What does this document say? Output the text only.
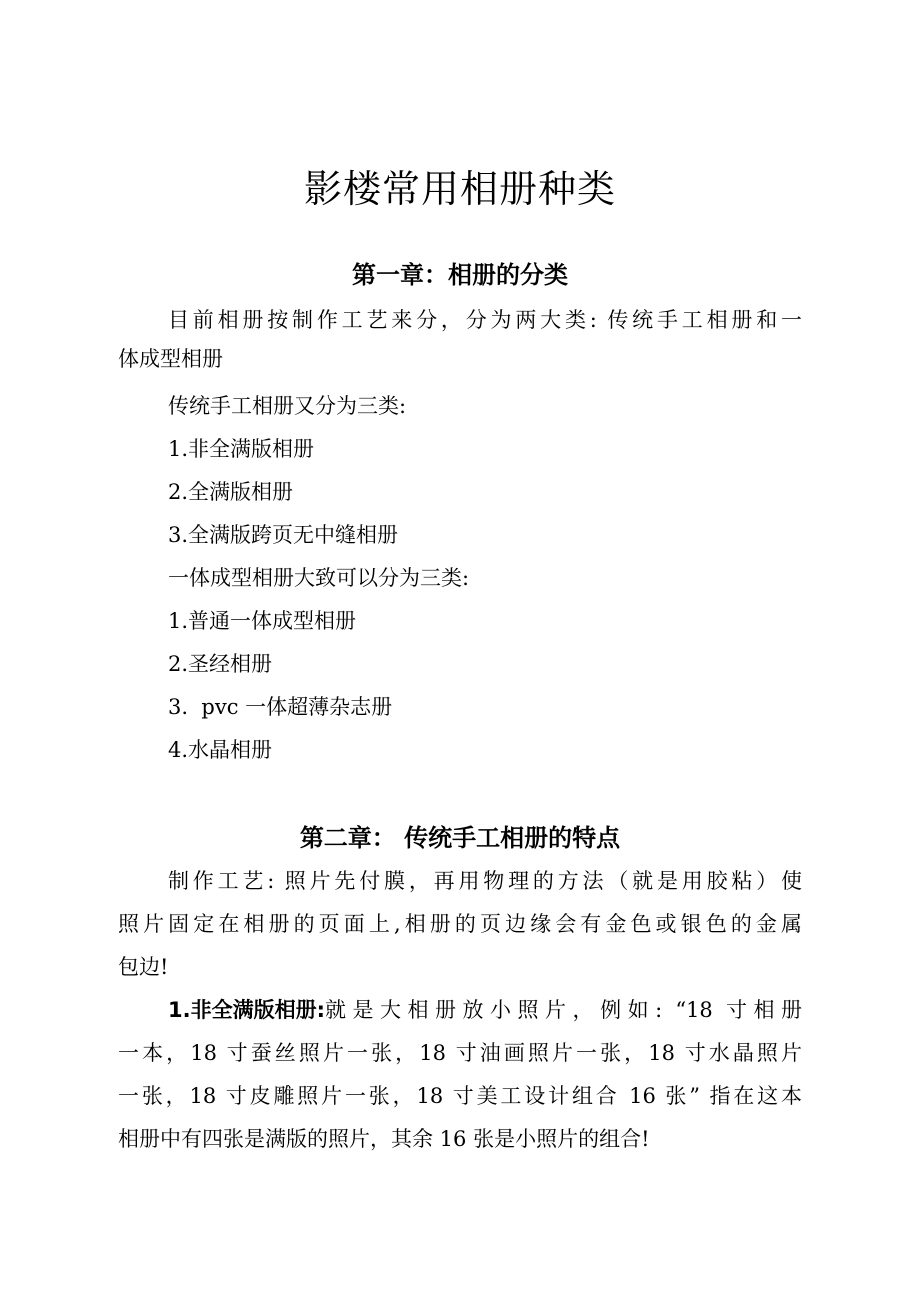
影楼常用相册种类
第一章：相册的分类
目前相册按制作工艺来分，分为两大类: 传统手工相册和一
体成型相册
传统手工相册又分为三类:
1.非全满版相册
2.全满版相册
3.全满版跨页无中缝相册
一体成型相册大致可以分为三类:
1.普通一体成型相册
2.圣经相册
3.  pvc 一体超薄杂志册
4.水晶相册
第二章： 传统手工相册的特点
制作工艺: 照片先付膜，再用物理的方法（就是用胶粘）使
照片固定在相册的页面上,相册的页边缘会有金色或银色的金属
包边!
1.非全满版相册: 就是大相册放小照片，例如: “18 寸相册
一本，18 寸蚕丝照片一张，18 寸油画照片一张，18 寸水晶照片
一张，18 寸皮雕照片一张，18 寸美工设计组合 16 张” 指在这本
相册中有四张是满版的照片，其余 16 张是小照片的组合!
